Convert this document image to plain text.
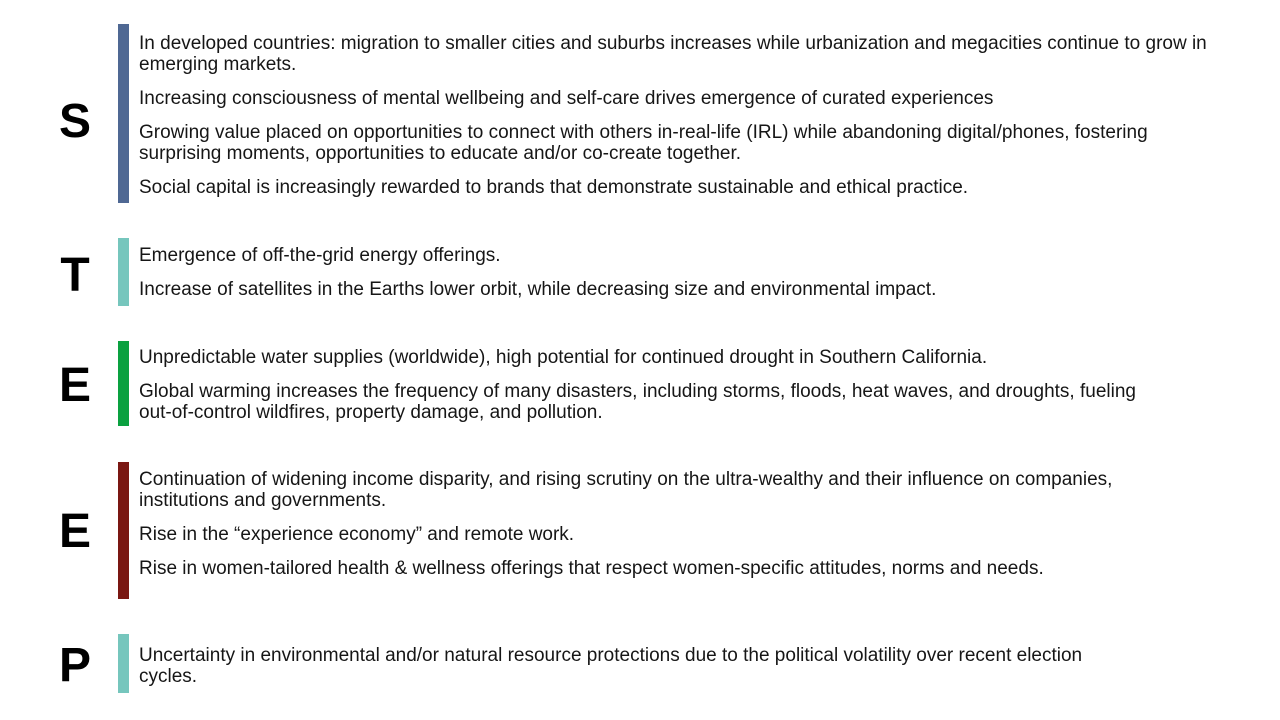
S
In developed countries: migration to smaller cities and suburbs increases while urbanization and megacities continue to grow in emerging markets.
Increasing consciousness of mental wellbeing and self-care drives emergence of curated experiences
Growing value placed on opportunities to connect with others in-real-life (IRL) while abandoning digital/phones, fostering surprising moments, opportunities to educate and/or co-create together.
Social capital is increasingly rewarded to brands that demonstrate sustainable and ethical practice.
T	Emergence of off-the-grid energy offerings.
Increase of satellites in the Earths lower orbit, while decreasing size and environmental impact.
E
Unpredictable water supplies (worldwide), high potential for continued drought in Southern California.
Global warming increases the frequency of many disasters, including storms, floods, heat waves, and droughts, fueling out-of-control wildfires, property damage, and pollution.
E
Continuation of widening income disparity, and rising scrutiny on the ultra-wealthy and their influence on companies, institutions and governments.
Rise in the “experience economy” and remote work.
Rise in women-tailored health & wellness offerings that respect women-specific attitudes, norms and needs.
P	Uncertainty in environmental and/or natural resource protections due to the political volatility over recent election cycles.
